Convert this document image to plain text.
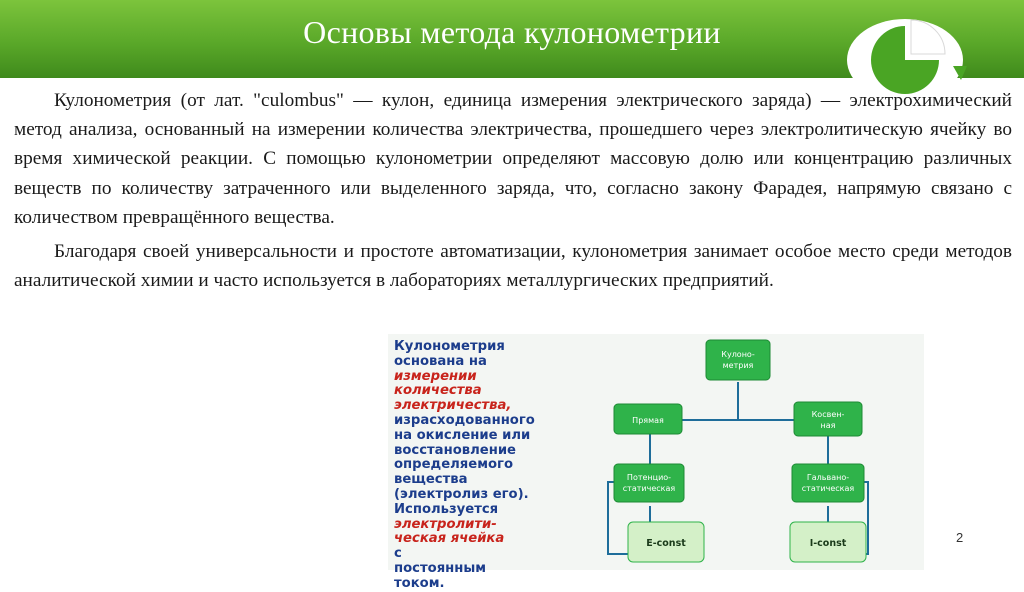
Основы метода кулонометрии

Кулонометрия (от лат. "culombus" — кулон, единица измерения электрического заряда) — электрохимический метод анализа, основанный на измерении количества электричества, прошедшего через электролитическую ячейку во время химической реакции. С помощью кулонометрии определяют массовую долю или концентрацию различных веществ по количеству затраченного или выделенного заряда, что, согласно закону Фарадея, напрямую связано с количеством превращённого вещества.

Благодаря своей универсальности и простоте автоматизации, кулонометрия занимает особое место среди методов аналитической химии и часто используется в лабораториях металлургических предприятий.

Кулонометрия
основана на
измерении
количества
электричества,
израсходованного
на окисление или
восстановление
определяемого
вещества
(электролиз его).
Используется
электролити-
ческая ячейка
с
постоянным
током.
Кулоно-
метрия
Прямая
Косвен-
ная
Потенцио-
статическая
Гальвано-
статическая
E-const	I-const	2
